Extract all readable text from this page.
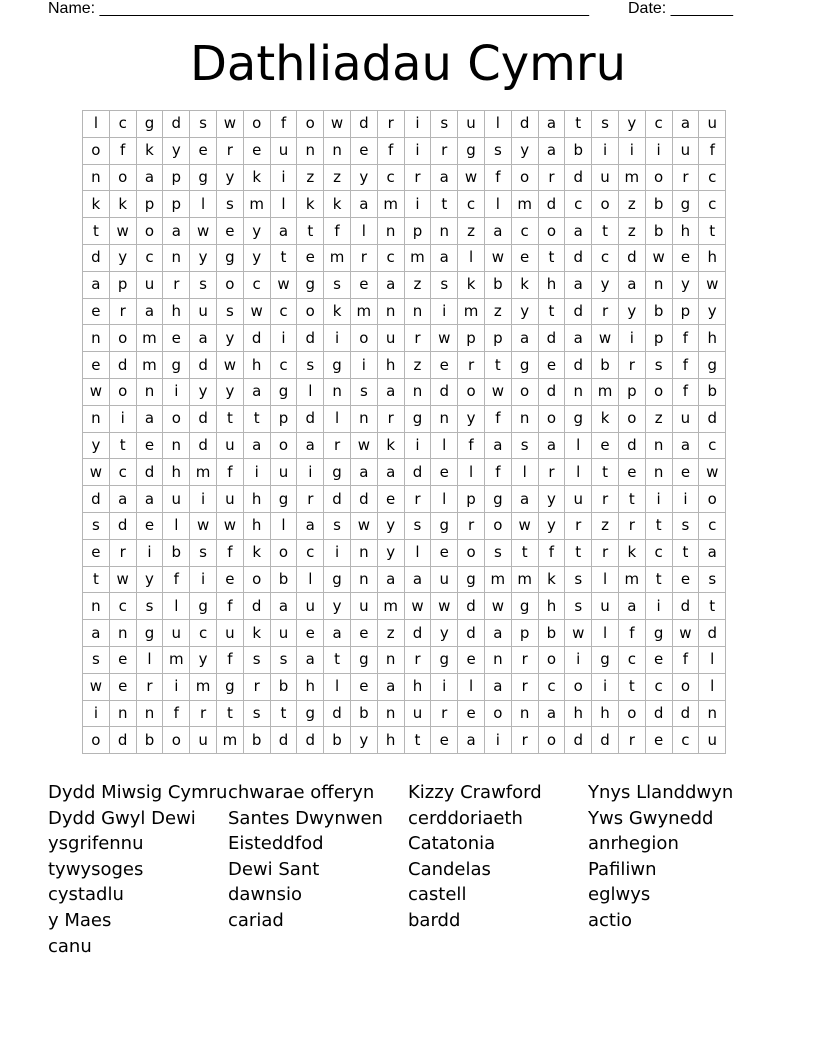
Name: _______________________________________________________ Date: _______
Dathliadau Cymru
l	c	g	d	s	w	o	f	o	w	d	r	i	s	u	l	d	a	t	s	y	c	a	u
o	f	k	y	e	r	e	u	n	n	e	f	i	r	g	s	y	a	b	i	i	i	u	f
n	o	a	p	g	y	k	i	z	z	y	c	r	a	w	f	o	r	d	u	m	o	r	c
k	k	p	p	l	s	m	l	k	k	a	m	i	t	c	l	m	d	c	o	z	b	g	c
t	w	o	a	w	e	y	a	t	f	l	n	p	n	z	a	c	o	a	t	z	b	h	t
d	y	c	n	y	g	y	t	e	m	r	c	m	a	l	w	e	t	d	c	d	w	e	h
a	p	u	r	s	o	c	w	g	s	e	a	z	s	k	b	k	h	a	y	a	n	y	w
e	r	a	h	u	s	w	c	o	k	m	n	n	i	m	z	y	t	d	r	y	b	p	y
n	o	m	e	a	y	d	i	d	i	o	u	r	w	p	p	a	d	a	w	i	p	f	h
e	d	m	g	d	w	h	c	s	g	i	h	z	e	r	t	g	e	d	b	r	s	f	g
w	o	n	i	y	y	a	g	l	n	s	a	n	d	o	w	o	d	n	m	p	o	f	b
n	i	a	o	d	t	t	p	d	l	n	r	g	n	y	f	n	o	g	k	o	z	u	d
y	t	e	n	d	u	a	o	a	r	w	k	i	l	f	a	s	a	l	e	d	n	a	c
w	c	d	h	m	f	i	u	i	g	a	a	d	e	l	f	l	r	l	t	e	n	e	w
d	a	a	u	i	u	h	g	r	d	d	e	r	l	p	g	a	y	u	r	t	i	i	o
s	d	e	l	w	w	h	l	a	s	w	y	s	g	r	o	w	y	r	z	r	t	s	c
e	r	i	b	s	f	k	o	c	i	n	y	l	e	o	s	t	f	t	r	k	c	t	a
t	w	y	f	i	e	o	b	l	g	n	a	a	u	g	m	m	k	s	l	m	t	e	s
n	c	s	l	g	f	d	a	u	y	u	m	w	w	d	w	g	h	s	u	a	i	d	t
a	n	g	u	c	u	k	u	e	a	e	z	d	y	d	a	p	b	w	l	f	g	w	d
s	e	l	m	y	f	s	s	a	t	g	n	r	g	e	n	r	o	i	g	c	e	f	l
w	e	r	i	m	g	r	b	h	l	e	a	h	i	l	a	r	c	o	i	t	c	o	l
i	n	n	f	r	t	s	t	g	d	b	n	u	r	e	o	n	a	h	h	o	d	d	n
o	d	b	o	u	m	b	d	d	b	y	h	t	e	a	i	r	o	d	d	r	e	c	u
Dydd Miwsig Cymru
Dydd Gwyl Dewi
ysgrifennu
tywysoges
cystadlu
y Maes
canu
chwarae offeryn
Santes Dwynwen
Eisteddfod
Dewi Sant
dawnsio
cariad
Kizzy Crawford
cerddoriaeth
Catatonia
Candelas
castell
bardd
Ynys Llanddwyn
Yws Gwynedd
anrhegion
Pafiliwn
eglwys
actio
